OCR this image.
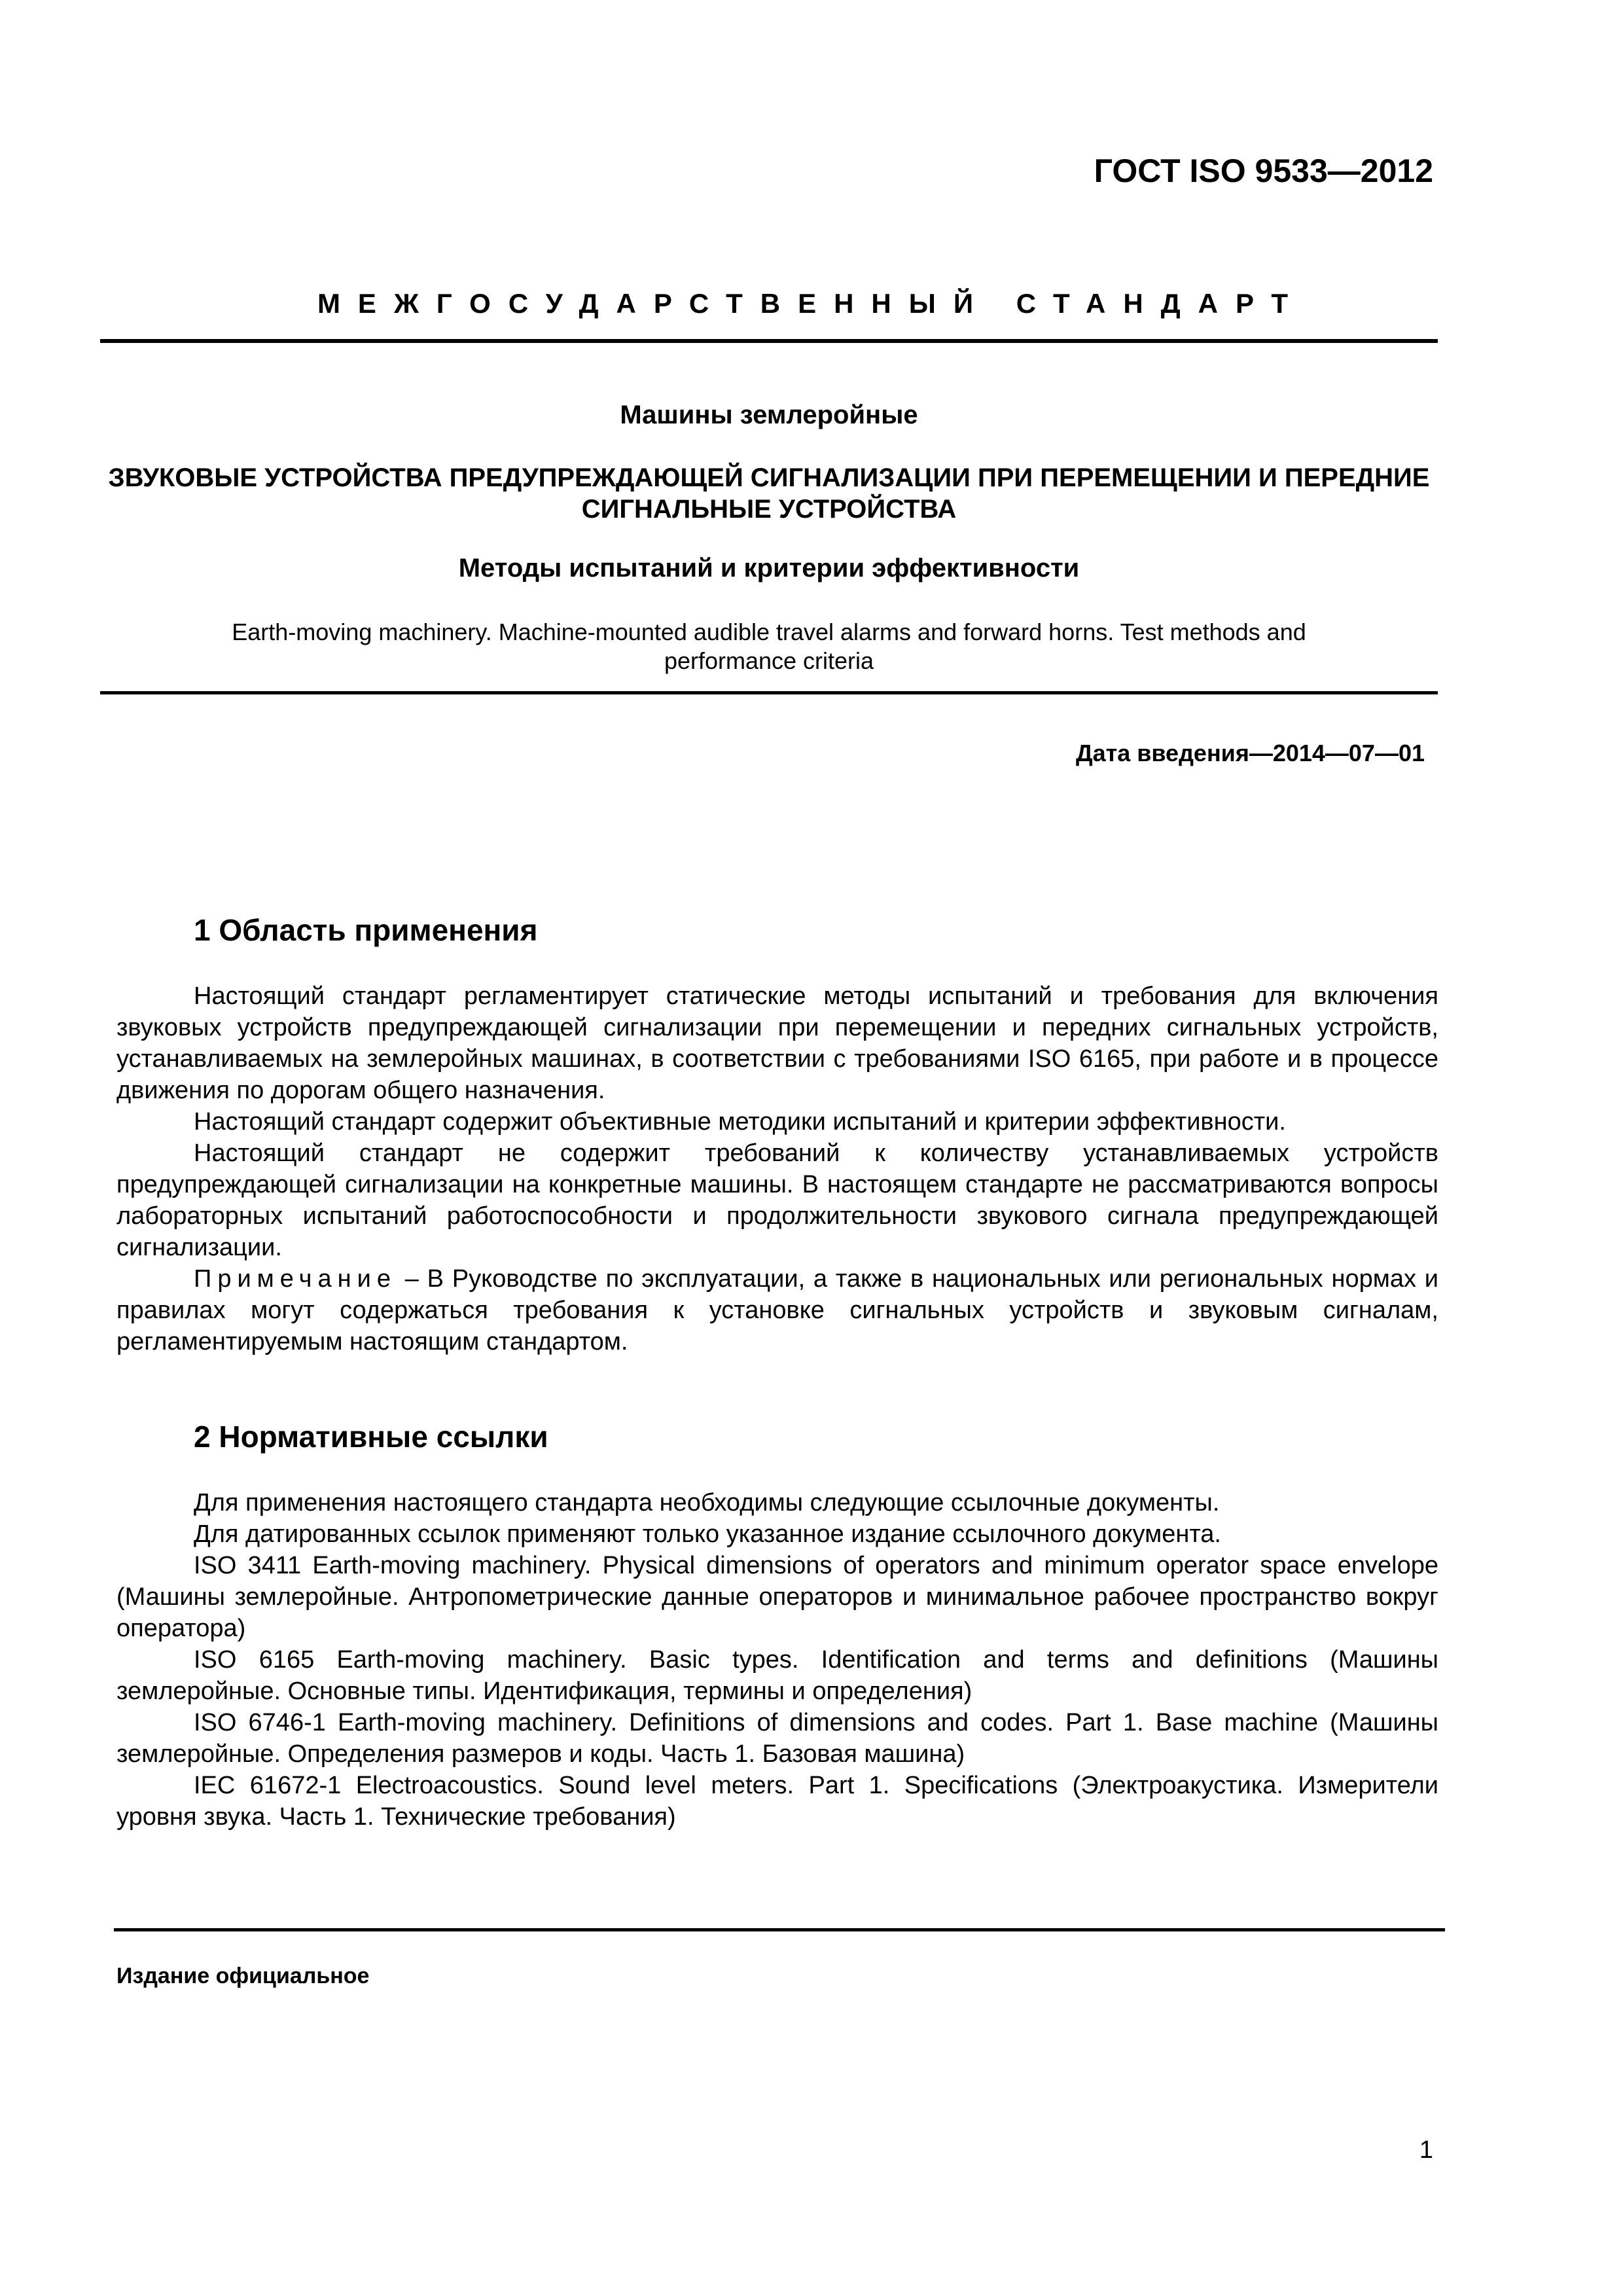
ГОСТ ISO 9533—2012
МЕЖГОСУДАРСТВЕННЫЙ СТАНДАРТ
Машины землеройные
ЗВУКОВЫЕ УСТРОЙСТВА ПРЕДУПРЕЖДАЮЩЕЙ СИГНАЛИЗАЦИИ ПРИ ПЕРЕМЕЩЕНИИ И ПЕРЕДНИЕ СИГНАЛЬНЫЕ УСТРОЙСТВА
Методы испытаний и критерии эффективности
Earth-moving machinery. Machine-mounted audible travel alarms and forward horns. Test methods and performance criteria
Дата введения—2014—07—01
1 Область применения

Настоящий стандарт регламентирует статические методы испытаний и требования для включения звуковых устройств предупреждающей сигнализации при перемещении и передних сигнальных устройств, устанавливаемых на землеройных машинах, в соответствии с требованиями ISO 6165, при работе и в процессе движения по дорогам общего назначения.

Настоящий стандарт содержит объективные методики испытаний и критерии эффективности.

Настоящий стандарт не содержит требований к количеству устанавливаемых устройств предупреждающей сигнализации на конкретные машины. В настоящем стандарте не рассматриваются вопросы лабораторных испытаний работоспособности и продолжительности звукового сигнала предупреждающей сигнализации.

Примечание – В Руководстве по эксплуатации, а также в национальных или региональных нормах и правилах могут содержаться требования к установке сигнальных устройств и звуковым сигналам, регламентируемым настоящим стандартом.

2 Нормативные ссылки

Для применения настоящего стандарта необходимы следующие ссылочные документы.

Для датированных ссылок применяют только указанное издание ссылочного документа.

ISO 3411 Earth-moving machinery. Physical dimensions of operators and minimum operator space envelope (Машины землеройные. Антропометрические данные операторов и минимальное рабочее пространство вокруг оператора)

ISO 6165 Earth-moving machinery. Basic types. Identification and terms and definitions (Машины землеройные. Основные типы. Идентификация, термины и определения)

ISO 6746-1 Earth-moving machinery. Definitions of dimensions and codes. Part 1. Base machine (Машины землеройные. Определения размеров и коды. Часть 1. Базовая машина)

IEC 61672-1 Electroacoustics. Sound level meters. Part 1. Specifications (Электроакустика. Измерители уровня звука. Часть 1. Технические требования)

Издание официальное
1
